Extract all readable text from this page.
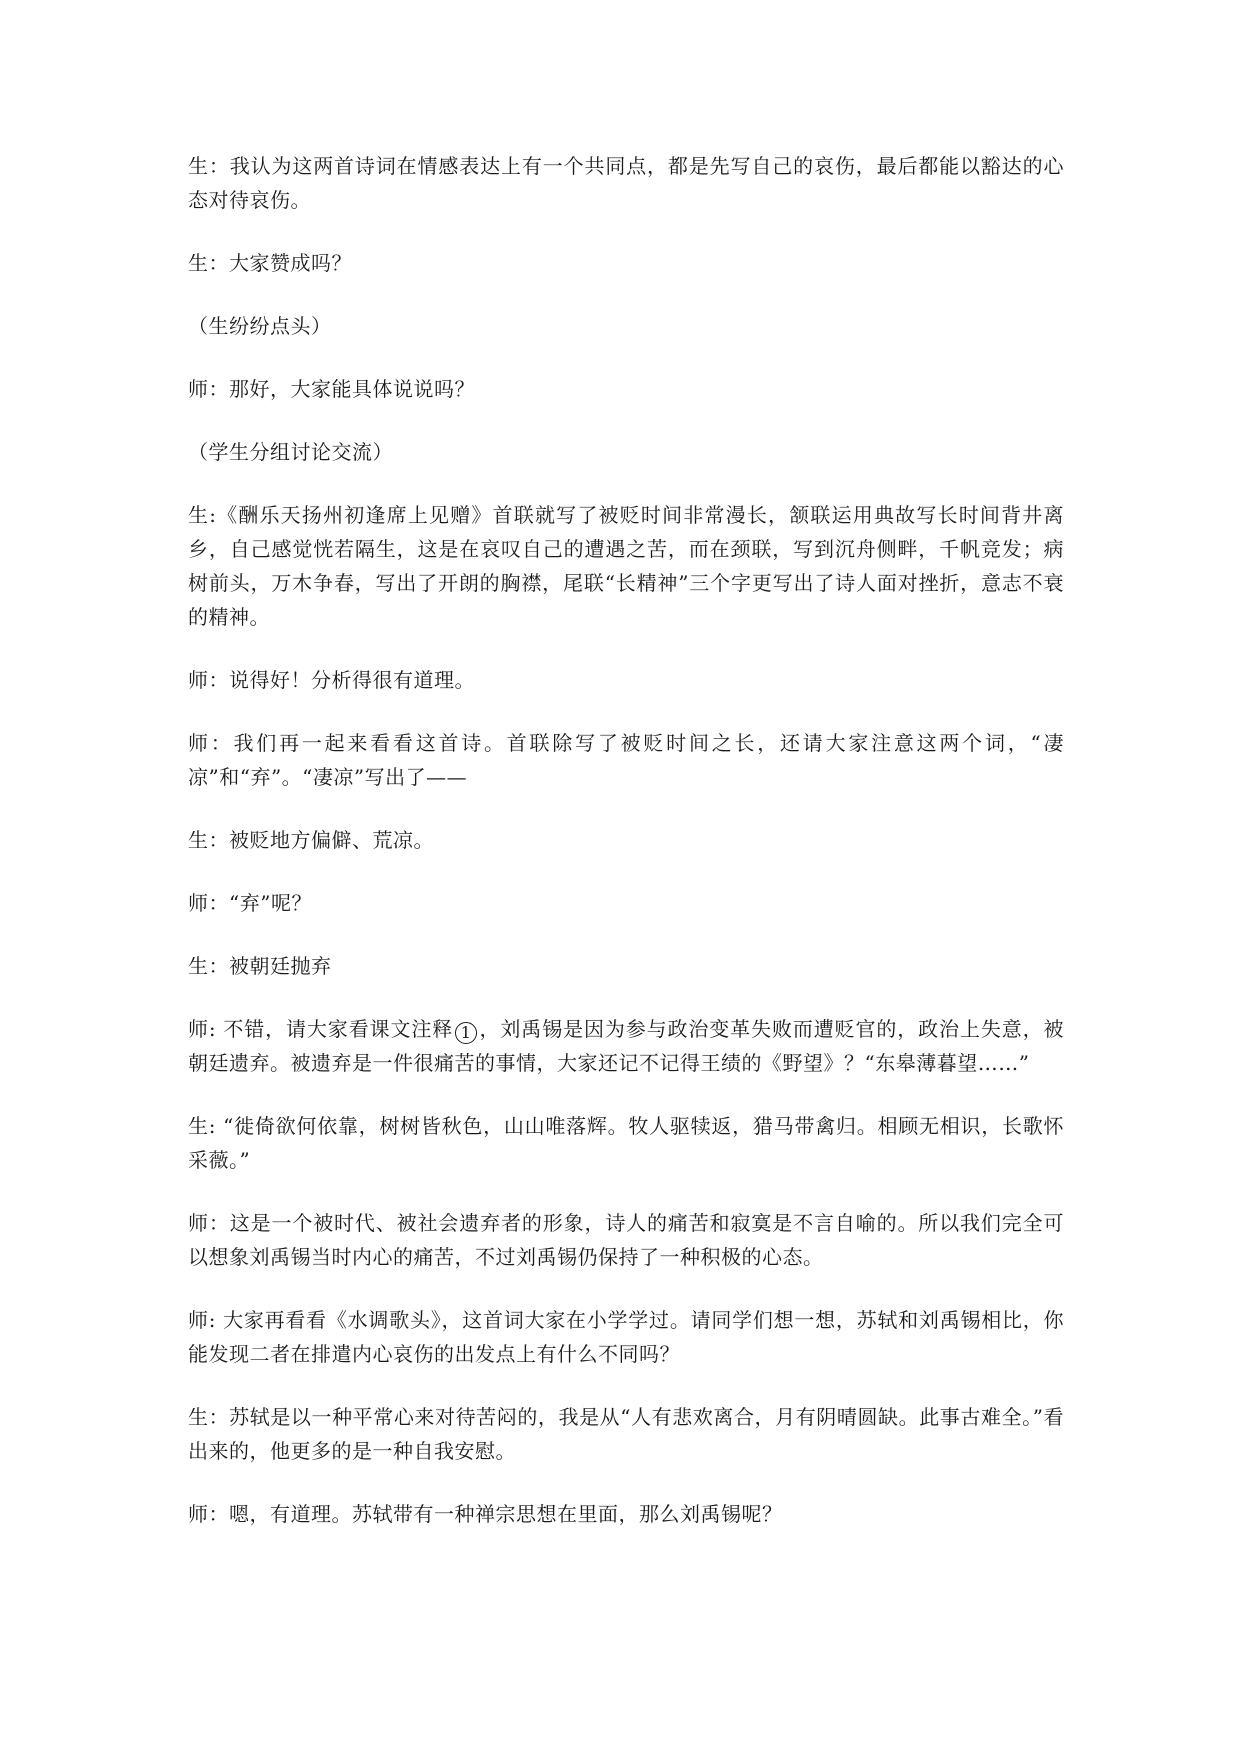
生：我认为这两首诗词在情感表达上有一个共同点，都是先写自己的哀伤，最后都能以豁达的心态对待哀伤。

生：大家赞成吗？

（生纷纷点头）

师：那好，大家能具体说说吗？

（学生分组讨论交流）

生:《酬乐天扬州初逢席上见赠》首联就写了被贬时间非常漫长，颔联运用典故写长时间背井离乡，自己感觉恍若隔生，这是在哀叹自己的遭遇之苦，而在颈联，写到沉舟侧畔，千帆竞发；病树前头，万木争春，写出了开朗的胸襟，尾联“长精神”三个字更写出了诗人面对挫折，意志不衰的精神。

师：说得好！分析得很有道理。

师：我们再一起来看看这首诗。首联除写了被贬时间之长，还请大家注意这两个词，“凄凉”和“弃”。“凄凉”写出了——

生：被贬地方偏僻、荒凉。

师：“弃”呢？

生：被朝廷抛弃

师: 不错，请大家看课文注释 1 ，刘禹锡是因为参与政治变革失败而遭贬官的，政治上失意，被朝廷遗弃。被遗弃是一件很痛苦的事情，大家还记不记得王绩的《野望》？“东皋薄暮望……”

生: “徙倚欲何依靠，树树皆秋色，山山唯落辉。牧人驱犊返，猎马带禽归。相顾无相识，长歌怀采薇。”

师：这是一个被时代、被社会遗弃者的形象，诗人的痛苦和寂寞是不言自喻的。所以我们完全可以想象刘禹锡当时内心的痛苦，不过刘禹锡仍保持了一种积极的心态。

师: 大家再看看《水调歌头》，这首词大家在小学学过。请同学们想一想，苏轼和刘禹锡相比，你能发现二者在排遣内心哀伤的出发点上有什么不同吗？

生：苏轼是以一种平常心来对待苦闷的，我是从“人有悲欢离合，月有阴晴圆缺。此事古难全。”看出来的，他更多的是一种自我安慰。

师：嗯，有道理。苏轼带有一种禅宗思想在里面，那么刘禹锡呢？
